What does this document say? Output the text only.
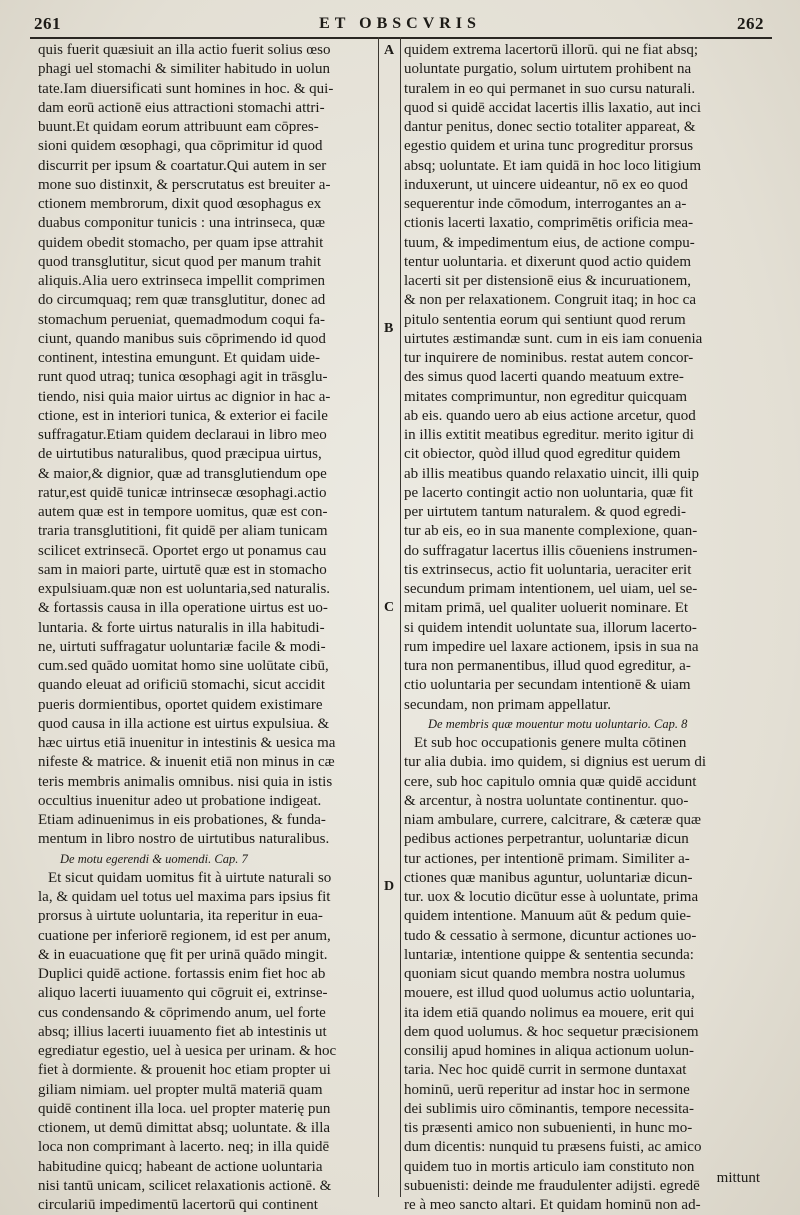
261	ET OBSCVRIS	262
A
B
C
D
quis fuerit quæsiuit an illa actio fuerit solius œso
phagi uel stomachi & similiter habitudo in uolun
tate.Iam diuersificati sunt homines in hoc. & qui-
dam eorū actionē eius attractioni stomachi attri-
buunt.Et quidam eorum attribuunt eam cōpres-
sioni quidem œsophagi, qua cōprimitur id quod
discurrit per ipsum & coartatur.Qui autem in ser
mone suo distinxit, & perscrutatus est breuiter a-
ctionem membrorum, dixit quod œsophagus ex
duabus componitur tunicis : una intrinseca, quæ
quidem obedit stomacho, per quam ipse attrahit
quod transglutitur, sicut quod per manum trahit
aliquis.Alia uero extrinseca impellit comprimen
do circumquaq; rem quæ transglutitur, donec ad
stomachum perueniat, quemadmodum coqui fa-
ciunt, quando manibus suis cōprimendo id quod
continent, intestina emungunt. Et quidam uide-
runt quod utraq; tunica œsophagi agit in trāsglu-
tiendo, nisi quia maior uirtus ac dignior in hac a-
ctione, est in interiori tunica, & exterior ei facile
suffragatur.Etiam quidem declaraui in libro meo
de uirtutibus naturalibus, quod præcipua uirtus,
& maior,& dignior, quæ ad transglutiendum ope
ratur,est quidē tunicæ intrinsecæ œsophagi.actio
autem quæ est in tempore uomitus, quæ est con-
traria transglutitioni, fit quidē per aliam tunicam
scilicet extrinsecā. Oportet ergo ut ponamus cau
sam in maiori parte, uirtutē quæ est in stomacho
expulsiuam.quæ non est uoluntaria,sed naturalis.
& fortassis causa in illa operatione uirtus est uo-
luntaria. & forte uirtus naturalis in illa habitudi-
ne, uirtuti suffragatur uoluntariæ facile & modi-
cum.sed quādo uomitat homo sine uolūtate cibū,
quando eleuat ad orificiū stomachi, sicut accidit
pueris dormientibus, oportet quidem existimare
quod causa in illa actione est uirtus expulsiua. &
hæc uirtus etiā inuenitur in intestinis & uesica ma
nifeste & matrice. & inuenit etiā non minus in cæ
teris membris animalis omnibus. nisi quia in istis
occultius inuenitur adeo ut probatione indigeat.
Etiam adinuenimus in eis probationes, & funda-
mentum in libro nostro de uirtutibus naturalibus.
De motu egerendi & uomendi. Cap. 7
Et sicut quidam uomitus fit à uirtute naturali so
la, & quidam uel totus uel maxima pars ipsius fit
prorsus à uirtute uoluntaria, ita reperitur in eua-
cuatione per inferiorē regionem, id est per anum,
& in euacuatione quę fit per urinā quādo mingit.
Duplici quidē actione. fortassis enim fiet hoc ab
aliquo lacerti iuuamento qui cōgruit ei, extrinse-
cus condensando & cōprimendo anum, uel forte
absq; illius lacerti iuuamento fiet ab intestinis ut
egrediatur egestio, uel à uesica per urinam. & hoc
fiet à dormiente. & prouenit hoc etiam propter ui
giliam nimiam. uel propter multā materiā quam
quidē continent illa loca. uel propter materię pun
ctionem, ut demū dimittat absq; uoluntate. & illa
loca non comprimant à lacerto. neq; in illa quidē
habitudine quicq; habeant de actione uoluntaria
nisi tantū unicam, scilicet relaxationis actionē. &
circulariū impedimentū lacertorū qui continent
quidem extrema lacertorū illorū. qui ne fiat absq;
uoluntate purgatio, solum uirtutem prohibent na
turalem in eo qui permanet in suo cursu naturali.
quod si quidē accidat lacertis illis laxatio, aut inci
dantur penitus, donec sectio totaliter appareat, &
egestio quidem et urina tunc progreditur prorsus
absq; uoluntate. Et iam quidā in hoc loco litigium
induxerunt, ut uincere uideantur, nō ex eo quod
sequerentur inde cōmodum, interrogantes an a-
ctionis lacerti laxatio, comprimētis orificia mea-
tuum, & impedimentum eius, de actione compu-
tentur uoluntaria. et dixerunt quod actio quidem
lacerti sit per distensionē eius & incuruationem,
& non per relaxationem. Congruit itaq; in hoc ca
pitulo sententia eorum qui sentiunt quod rerum
uirtutes æstimandæ sunt. cum in eis iam conuenia
tur inquirere de nominibus. restat autem concor-
des simus quod lacerti quando meatuum extre-
mitates comprimuntur, non egreditur quicquam
ab eis. quando uero ab eius actione arcetur, quod
in illis extitit meatibus egreditur. merito igitur di
cit obiector, quòd illud quod egreditur quidem
ab illis meatibus quando relaxatio uincit, illi quip
pe lacerto contingit actio non uoluntaria, quæ fit
per uirtutem tantum naturalem. & quod egredi-
tur ab eis, eo in sua manente complexione, quan-
do suffragatur lacertus illis cōueniens instrumen-
tis extrinsecus, actio fit uoluntaria, ueraciter erit
secundum primam intentionem, uel uiam, uel se-
mitam primā, uel qualiter uoluerit nominare. Et
si quidem intendit uoluntate sua, illorum lacerto-
rum impedire uel laxare actionem, ipsis in sua na
tura non permanentibus, illud quod egreditur, a-
ctio uoluntaria per secundam intentionē & uiam
secundam, non primam appellatur.
De membris quæ mouentur motu uoluntario. Cap. 8
Et sub hoc occupationis genere multa cōtinen
tur alia dubia. imo quidem, si dignius est uerum di
cere, sub hoc capitulo omnia quæ quidē accidunt
& arcentur, à nostra uoluntate continentur. quo-
niam ambulare, currere, calcitrare, & cæteræ quæ
pedibus actiones perpetrantur, uoluntariæ dicun
tur actiones, per intentionē primam. Similiter a-
ctiones quæ manibus aguntur, uoluntariæ dicun-
tur. uox & locutio dicūtur esse à uoluntate, prima
quidem intentione. Manuum aūt & pedum quie-
tudo & cessatio à sermone, dicuntur actiones uo-
luntariæ, intentione quippe & sententia secunda:
quoniam sicut quando membra nostra uolumus
mouere, est illud quod uolumus actio uoluntaria,
ita idem etiā quando nolimus ea mouere, erit qui
dem quod uolumus. & hoc sequetur præcisionem
consilij apud homines in aliqua actionum uolun-
taria. Nec hoc quidē currit in sermone duntaxat
hominū, uerū reperitur ad instar hoc in sermone
dei sublimis uiro cōminantis, tempore necessita-
tis præsenti amico non subuenienti, in hunc mo-
dum dicentis: nunquid tu præsens fuisti, ac amico
quidem tuo in mortis articulo iam constituto non
subuenisti: deinde me fraudulenter adijsti. egredē
re à meo sancto altari. Et quidam hominū non ad-
mittunt
